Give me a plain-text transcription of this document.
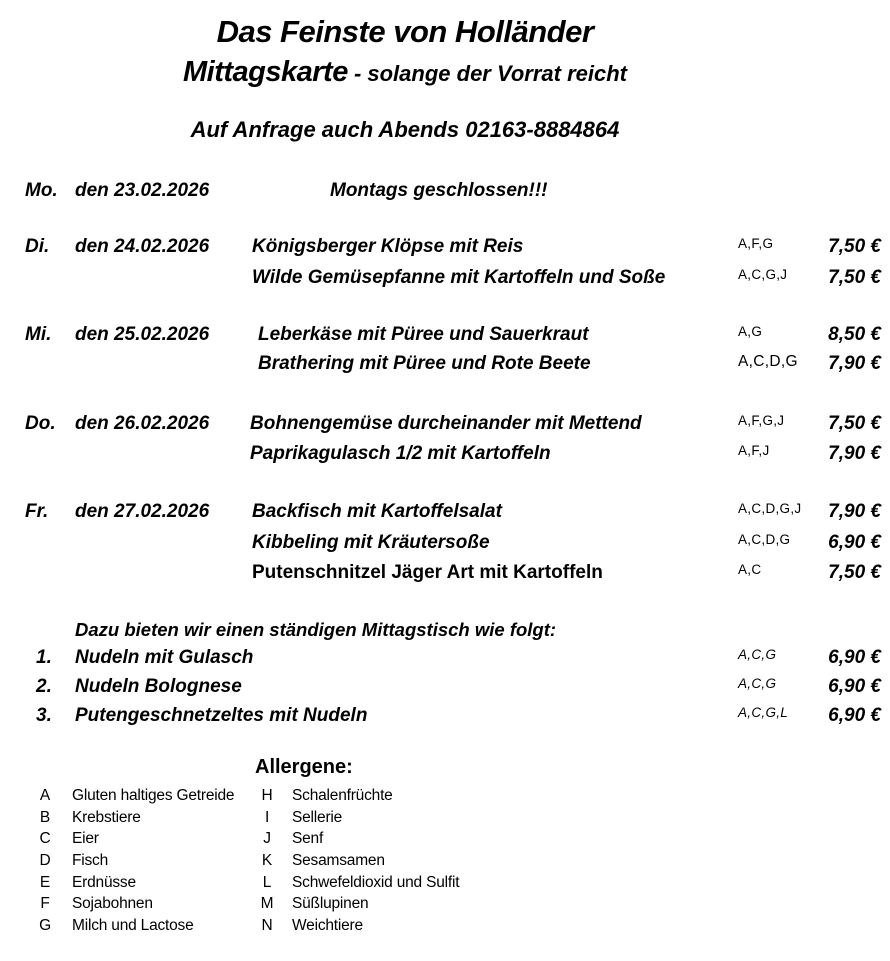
Das Feinste von Holländer
Mittagskarte - solange der Vorrat reicht
Auf Anfrage auch Abends 02163-8884864
Mo. den 23.02.2026	Montags geschlossen!!!
Di. den 24.02.2026 Königsberger Klöpse mit Reis	A,F,G	7,50 €
Wilde Gemüsepfanne mit Kartoffeln und Soße	A,C,G,J 7,50 €
Mi. den 25.02.2026	Leberkäse mit Püree und Sauerkraut	A,G	8,50 €
Brathering mit Püree und Rote Beete	A,C,D,G 7,90 €
Do. den 26.02.2026 Bohnengemüse durcheinander mit Mettend	A,F,G,J 7,50 €
Paprikagulasch 1/2 mit Kartoffeln	A,F,J	7,90 €
Fr. den 27.02.2026 Backfisch mit Kartoffelsalat	A,C,D,G,J 7,90 €
Kibbeling mit Kräutersoße	A,C,D,G 6,90 €
Putenschnitzel Jäger Art mit Kartoffeln	A,C	7,50 €
Dazu bieten wir einen ständigen Mittagstisch wie folgt:
1. Nudeln mit Gulasch	A,C,G	6,90 €
2. Nudeln Bolognese	A,C,G	6,90 €
3. Putengeschnetzeltes mit Nudeln	A,C,G,L 6,90 €
Allergene:
A Gluten haltiges Getreide H Schalenfrüchte
B Krebstiere	I	Sellerie
C Eier	J	Senf
D Fisch	K Sesamsamen
E Erdnüsse	L	Schwefeldioxid und Sulfit
F Sojabohnen	M Süßlupinen
G Milch und Lactose	N Weichtiere
